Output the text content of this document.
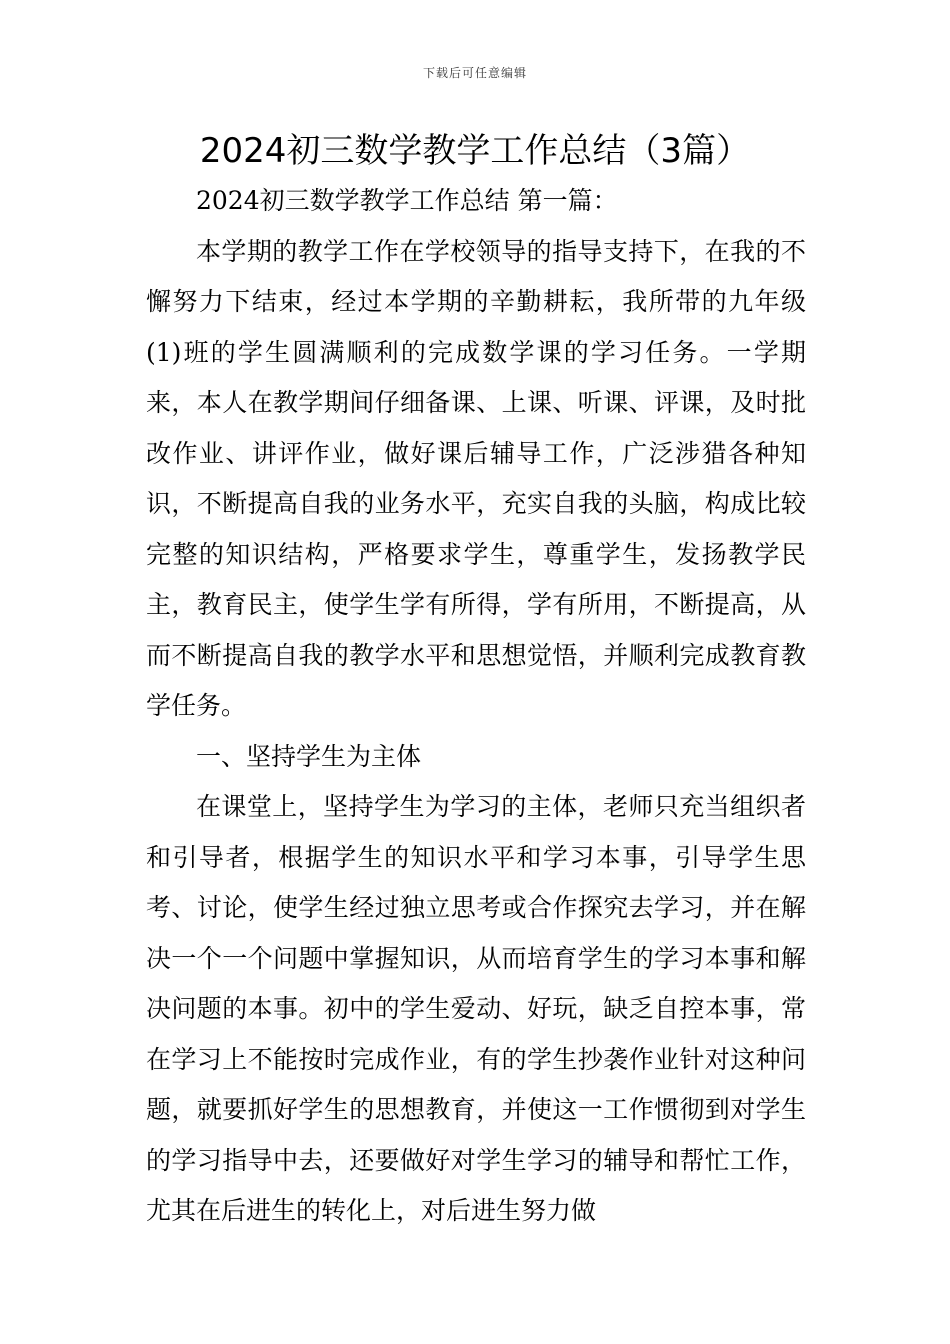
下载后可任意编辑
2024初三数学教学工作总结（3篇）

2024初三数学教学工作总结 第一篇：

本学期的教学工作在学校领导的指导支持下，在我的不懈努力下结束，经过本学期的辛勤耕耘，我所带的九年级(1)班的学生圆满顺利的完成数学课的学习任务。一学期来，本人在教学期间仔细备课、上课、听课、评课，及时批改作业、讲评作业，做好课后辅导工作，广泛涉猎各种知识，不断提高自我的业务水平，充实自我的头脑，构成比较完整的知识结构，严格要求学生，尊重学生，发扬教学民主，教育民主，使学生学有所得，学有所用，不断提高，从而不断提高自我的教学水平和思想觉悟，并顺利完成教育教学任务。

一、坚持学生为主体

在课堂上，坚持学生为学习的主体，老师只充当组织者和引导者，根据学生的知识水平和学习本事，引导学生思考、讨论，使学生经过独立思考或合作探究去学习，并在解决一个一个问题中掌握知识，从而培育学生的学习本事和解决问题的本事。初中的学生爱动、好玩，缺乏自控本事，常在学习上不能按时完成作业，有的学生抄袭作业针对这种问题，就要抓好学生的思想教育，并使这一工作惯彻到对学生的学习指导中去，还要做好对学生学习的辅导和帮忙工作，尤其在后进生的转化上，对后进生努力做
